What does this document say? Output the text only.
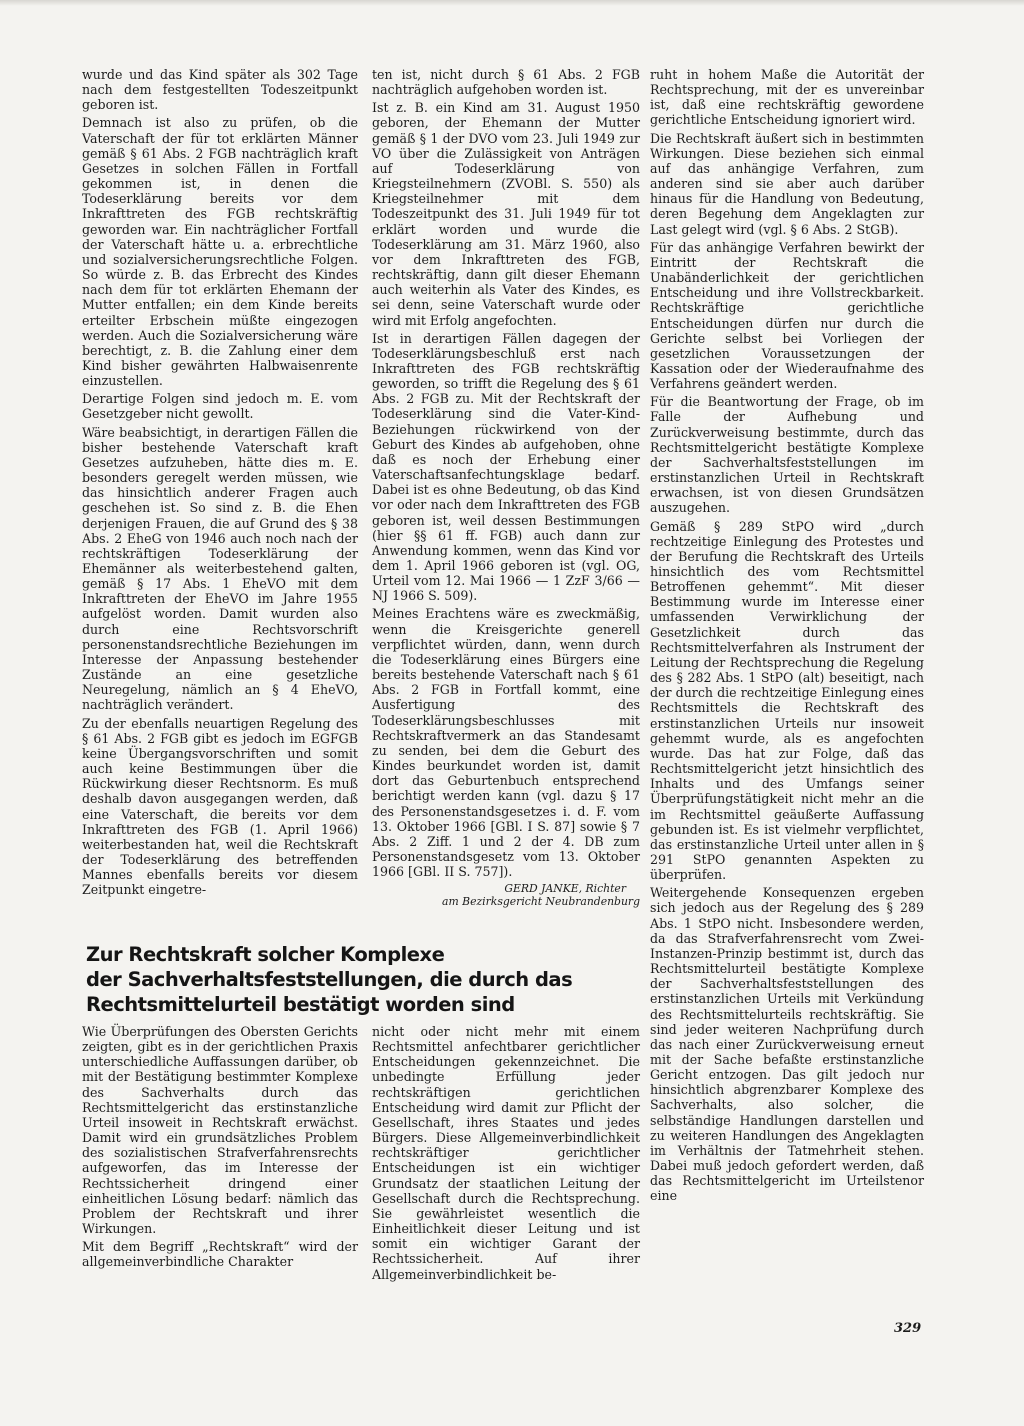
wurde und das Kind später als 302 Tage nach dem festgestellten Todeszeitpunkt geboren ist.

Demnach ist also zu prüfen, ob die Vaterschaft der für tot erklärten Männer gemäß § 61 Abs. 2 FGB nachträglich kraft Gesetzes in solchen Fällen in Fortfall gekommen ist, in denen die Todeserklärung bereits vor dem Inkrafttreten des FGB rechtskräftig geworden war. Ein nachträglicher Fortfall der Vaterschaft hätte u. a. erbrechtliche und sozialversicherungsrechtliche Folgen. So würde z. B. das Erbrecht des Kindes nach dem für tot erklärten Ehemann der Mutter entfallen; ein dem Kinde bereits erteilter Erbschein müßte eingezogen werden. Auch die Sozialversicherung wäre berechtigt, z. B. die Zahlung einer dem Kind bisher gewährten Halbwaisenrente einzustellen.

Derartige Folgen sind jedoch m. E. vom Gesetzgeber nicht gewollt.

Wäre beabsichtigt, in derartigen Fällen die bisher bestehende Vaterschaft kraft Gesetzes aufzuheben, hätte dies m. E. besonders geregelt werden müssen, wie das hinsichtlich anderer Fragen auch geschehen ist. So sind z. B. die Ehen derjenigen Frauen, die auf Grund des § 38 Abs. 2 EheG von 1946 auch noch nach der rechtskräftigen Todeserklärung der Ehemänner als weiterbestehend galten, gemäß § 17 Abs. 1 EheVO mit dem Inkrafttreten der EheVO im Jahre 1955 aufgelöst worden. Damit wurden also durch eine Rechtsvorschrift personenstandsrechtliche Beziehungen im Interesse der Anpassung bestehender Zustände an eine gesetzliche Neuregelung, nämlich an § 4 EheVO, nachträglich verändert.

Zu der ebenfalls neuartigen Regelung des § 61 Abs. 2 FGB gibt es jedoch im EGFGB keine Übergangsvorschriften und somit auch keine Bestimmungen über die Rückwirkung dieser Rechtsnorm. Es muß deshalb davon ausgegangen werden, daß eine Vaterschaft, die bereits vor dem Inkrafttreten des FGB (1. April 1966) weiterbestanden hat, weil die Rechtskraft der Todeserklärung des betreffenden Mannes ebenfalls bereits vor diesem Zeitpunkt eingetre-

ten ist, nicht durch § 61 Abs. 2 FGB nachträglich aufgehoben worden ist.

Ist z. B. ein Kind am 31. August 1950 geboren, der Ehemann der Mutter gemäß § 1 der DVO vom 23. Juli 1949 zur VO über die Zulässigkeit von Anträgen auf Todeserklärung von Kriegsteilnehmern (ZVOBl. S. 550) als Kriegsteilnehmer mit dem Todeszeitpunkt des 31. Juli 1949 für tot erklärt worden und wurde die Todeserklärung am 31. März 1960, also vor dem Inkrafttreten des FGB, rechtskräftig, dann gilt dieser Ehemann auch weiterhin als Vater des Kindes, es sei denn, seine Vaterschaft wurde oder wird mit Erfolg angefochten.

Ist in derartigen Fällen dagegen der Todeserklärungsbeschluß erst nach Inkrafttreten des FGB rechtskräftig geworden, so trifft die Regelung des § 61 Abs. 2 FGB zu. Mit der Rechtskraft der Todeserklärung sind die Vater-Kind-Beziehungen rückwirkend von der Geburt des Kindes ab aufgehoben, ohne daß es noch der Erhebung einer Vaterschaftsanfechtungsklage bedarf. Dabei ist es ohne Bedeutung, ob das Kind vor oder nach dem Inkrafttreten des FGB geboren ist, weil dessen Bestimmungen (hier §§ 61 ff. FGB) auch dann zur Anwendung kommen, wenn das Kind vor dem 1. April 1966 geboren ist (vgl. OG, Urteil vom 12. Mai 1966 — 1 ZzF 3/66 — NJ 1966 S. 509).

Meines Erachtens wäre es zweckmäßig, wenn die Kreisgerichte generell verpflichtet würden, dann, wenn durch die Todeserklärung eines Bürgers eine bereits bestehende Vaterschaft nach § 61 Abs. 2 FGB in Fortfall kommt, eine Ausfertigung des Todeserklärungsbeschlusses mit Rechtskraftvermerk an das Standesamt zu senden, bei dem die Geburt des Kindes beurkundet worden ist, damit dort das Geburtenbuch entsprechend berichtigt werden kann (vgl. dazu § 17 des Personenstandsgesetzes i. d. F. vom 13. Oktober 1966 [GBl. I S. 87] sowie § 7 Abs. 2 Ziff. 1 und 2 der 4. DB zum Personenstandsgesetz vom 13. Oktober 1966 [GBl. II S. 757]).

GERD JANKE, Richter
am Bezirksgericht Neubrandenburg

ruht in hohem Maße die Autorität der Rechtsprechung, mit der es unvereinbar ist, daß eine rechtskräftig gewordene gerichtliche Entscheidung ignoriert wird.

Die Rechtskraft äußert sich in bestimmten Wirkungen. Diese beziehen sich einmal auf das anhängige Verfahren, zum anderen sind sie aber auch darüber hinaus für die Handlung von Bedeutung, deren Begehung dem Angeklagten zur Last gelegt wird (vgl. § 6 Abs. 2 StGB).

Für das anhängige Verfahren bewirkt der Eintritt der Rechtskraft die Unabänderlichkeit der gerichtlichen Entscheidung und ihre Vollstreckbarkeit. Rechtskräftige gerichtliche Entscheidungen dürfen nur durch die Gerichte selbst bei Vorliegen der gesetzlichen Voraussetzungen der Kassation oder der Wiederaufnahme des Verfahrens geändert werden.

Für die Beantwortung der Frage, ob im Falle der Aufhebung und Zurückverweisung bestimmte, durch das Rechtsmittelgericht bestätigte Komplexe der Sachverhaltsfeststellungen im erstinstanzlichen Urteil in Rechtskraft erwachsen, ist von diesen Grundsätzen auszugehen.

Gemäß § 289 StPO wird „durch rechtzeitige Einlegung des Protestes und der Berufung die Rechtskraft des Urteils hinsichtlich des vom Rechtsmittel Betroffenen gehemmt“. Mit dieser Bestimmung wurde im Interesse einer umfassenden Verwirklichung der Gesetzlichkeit durch das Rechtsmittelverfahren als Instrument der Leitung der Rechtsprechung die Regelung des § 282 Abs. 1 StPO (alt) beseitigt, nach der durch die rechtzeitige Einlegung eines Rechtsmittels die Rechtskraft des erstinstanzlichen Urteils nur insoweit gehemmt wurde, als es angefochten wurde. Das hat zur Folge, daß das Rechtsmittelgericht jetzt hinsichtlich des Inhalts und des Umfangs seiner Überprüfungstätigkeit nicht mehr an die im Rechtsmittel geäußerte Auffassung gebunden ist. Es ist vielmehr verpflichtet, das erstinstanzliche Urteil unter allen in § 291 StPO genannten Aspekten zu überprüfen.

Weitergehende Konsequenzen ergeben sich jedoch aus der Regelung des § 289 Abs. 1 StPO nicht. Insbesondere werden, da das Strafverfahrensrecht vom Zwei-Instanzen-Prinzip bestimmt ist, durch das Rechtsmittelurteil bestätigte Komplexe der Sachverhaltsfeststellungen des erstinstanzlichen Urteils mit Verkündung des Rechtsmittelurteils rechtskräftig. Sie sind jeder weiteren Nachprüfung durch das nach einer Zurückverweisung erneut mit der Sache befaßte erstinstanzliche Gericht entzogen. Das gilt jedoch nur hinsichtlich abgrenzbarer Komplexe des Sachverhalts, also solcher, die selbständige Handlungen darstellen und zu weiteren Handlungen des Angeklagten im Verhältnis der Tatmehrheit stehen. Dabei muß jedoch gefordert werden, daß das Rechtsmittelgericht im Urteilstenor eine

Zur Rechtskraft solcher Komplexe
der Sachverhaltsfeststellungen, die durch das
Rechtsmittelurteil bestätigt worden sind

Wie Überprüfungen des Obersten Gerichts zeigten, gibt es in der gerichtlichen Praxis unterschiedliche Auffassungen darüber, ob mit der Bestätigung bestimmter Komplexe des Sachverhalts durch das Rechtsmittelgericht das erstinstanzliche Urteil insoweit in Rechtskraft erwächst. Damit wird ein grundsätzliches Problem des sozialistischen Strafverfahrensrechts aufgeworfen, das im Interesse der Rechtssicherheit dringend einer einheitlichen Lösung bedarf: nämlich das Problem der Rechtskraft und ihrer Wirkungen.

Mit dem Begriff „Rechtskraft“ wird der allgemeinverbindliche Charakter

nicht oder nicht mehr mit einem Rechtsmittel anfechtbarer gerichtlicher Entscheidungen gekennzeichnet. Die unbedingte Erfüllung jeder rechtskräftigen gerichtlichen Entscheidung wird damit zur Pflicht der Gesellschaft, ihres Staates und jedes Bürgers. Diese Allgemeinverbindlichkeit rechtskräftiger gerichtlicher Entscheidungen ist ein wichtiger Grundsatz der staatlichen Leitung der Gesellschaft durch die Rechtsprechung. Sie gewährleistet wesentlich die Einheitlichkeit dieser Leitung und ist somit ein wichtiger Garant der Rechtssicherheit. Auf ihrer Allgemeinverbindlichkeit be-

329
